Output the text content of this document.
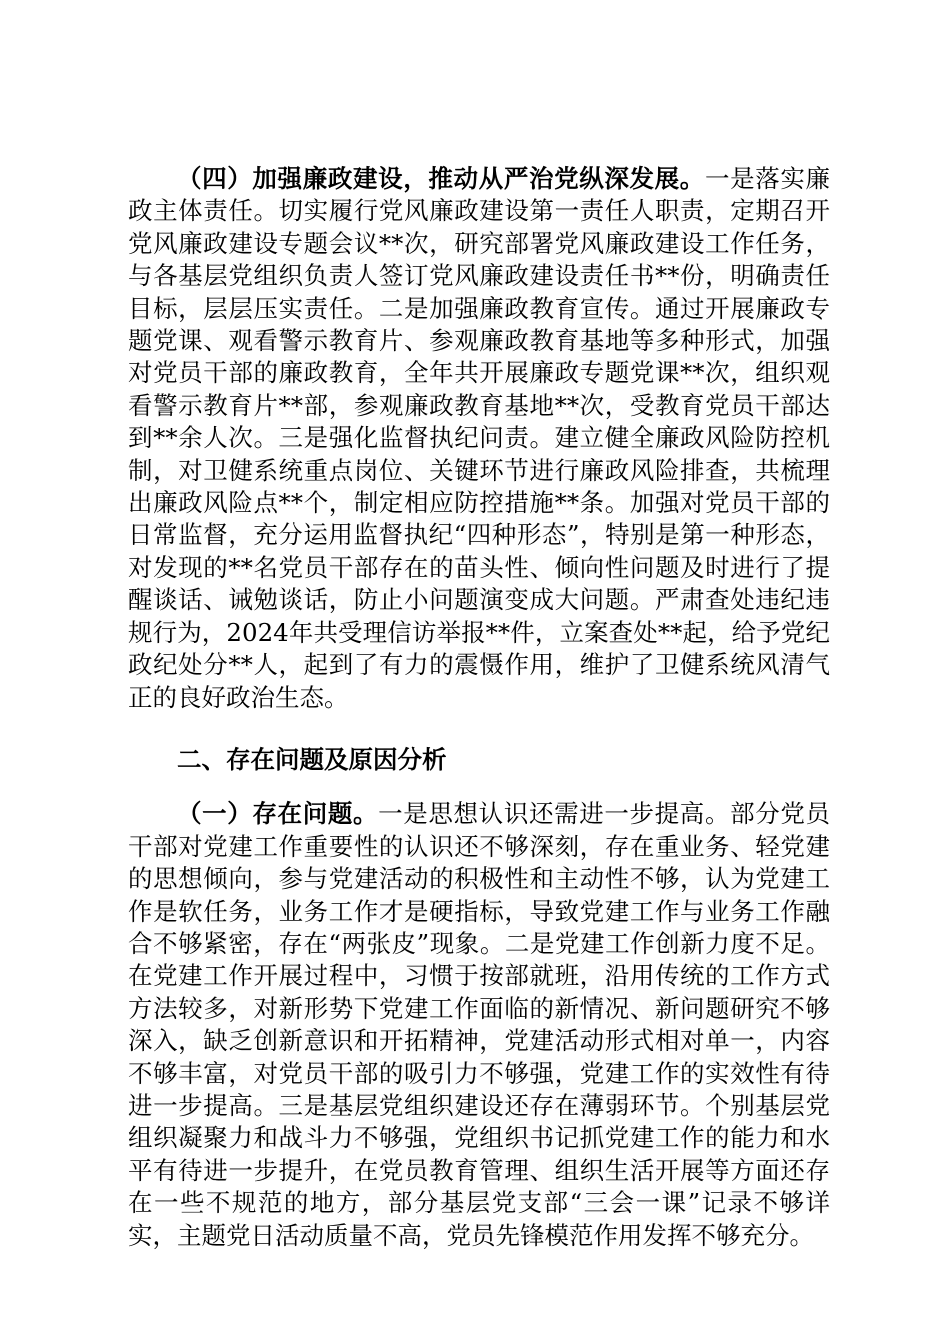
（四）加强廉政建设，推动从严治党纵深发展。一是落实廉政主体责任。切实履行党风廉政建设第一责任人职责，定期召开党风廉政建设专题会议**次，研究部署党风廉政建设工作任务，与各基层党组织负责人签订党风廉政建设责任书**份，明确责任目标，层层压实责任。二是加强廉政教育宣传。通过开展廉政专题党课、观看警示教育片、参观廉政教育基地等多种形式，加强对党员干部的廉政教育，全年共开展廉政专题党课**次，组织观看警示教育片**部，参观廉政教育基地**次，受教育党员干部达到**余人次。三是强化监督执纪问责。建立健全廉政风险防控机制，对卫健系统重点岗位、关键环节进行廉政风险排查，共梳理出廉政风险点**个，制定相应防控措施**条。加强对党员干部的日常监督，充分运用监督执纪“四种形态”，特别是第一种形态，对发现的**名党员干部存在的苗头性、倾向性问题及时进行了提醒谈话、诫勉谈话，防止小问题演变成大问题。严肃查处违纪违规行为，2024年共受理信访举报**件，立案查处**起，给予党纪政纪处分**人，起到了有力的震慑作用，维护了卫健系统风清气正的良好政治生态。

二、存在问题及原因分析

（一）存在问题。一是思想认识还需进一步提高。部分党员干部对党建工作重要性的认识还不够深刻，存在重业务、轻党建的思想倾向，参与党建活动的积极性和主动性不够，认为党建工作是软任务，业务工作才是硬指标，导致党建工作与业务工作融合不够紧密，存在“两张皮”现象。二是党建工作创新力度不足。在党建工作开展过程中，习惯于按部就班，沿用传统的工作方式方法较多，对新形势下党建工作面临的新情况、新问题研究不够深入，缺乏创新意识和开拓精神，党建活动形式相对单一，内容不够丰富，对党员干部的吸引力不够强，党建工作的实效性有待进一步提高。三是基层党组织建设还存在薄弱环节。个别基层党组织凝聚力和战斗力不够强，党组织书记抓党建工作的能力和水平有待进一步提升，在党员教育管理、组织生活开展等方面还存在一些不规范的地方，部分基层党支部“三会一课”记录不够详实，主题党日活动质量不高，党员先锋模范作用发挥不够充分。
